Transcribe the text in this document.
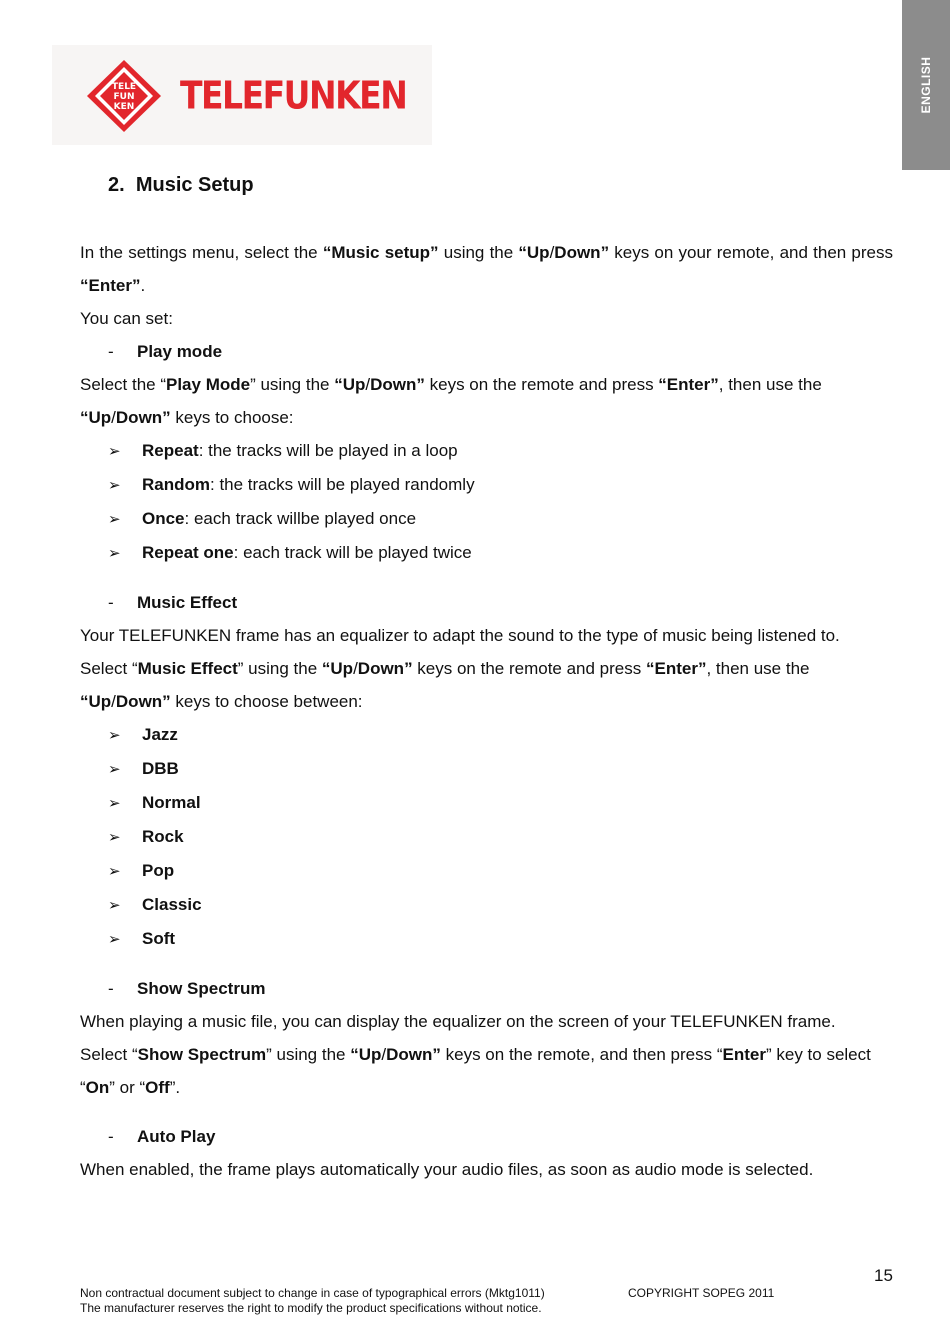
ENGLISH
TELE
FUN
KEN TELEFUNKEN
2. Music Setup

In the settings menu, select the “Music setup” using the “Up/Down” keys on your remote, and then press “Enter”.

You can set:

-	Play mode

Select the “Play Mode” using the “Up/Down” keys on the remote and press “Enter”, then use the
“Up/Down” keys to choose:

➢	Repeat: the tracks will be played in a loop
➢	Random: the tracks will be played randomly
➢	Once: each track willbe played once
➢	Repeat one: each track will be played twice
-	Music Effect

Your TELEFUNKEN frame has an equalizer to adapt the sound to the type of music being listened to.

Select “Music Effect” using the “Up/Down” keys on the remote and press “Enter”, then use the
“Up/Down” keys to choose between:

➢	Jazz
➢	DBB
➢	Normal
➢	Rock
➢	Pop
➢	Classic
➢	Soft
-	Show Spectrum

When playing a music file, you can display the equalizer on the screen of your TELEFUNKEN frame.

Select “Show Spectrum” using the “Up/Down” keys on the remote, and then press “Enter” key to select  “On” or “Off”.

-	Auto Play

When enabled, the frame plays automatically your audio files, as soon as audio mode is selected.

15
Non contractual document subject to change in case of typographical errors (Mktg1011)
The manufacturer reserves the right to modify the product specifications without notice.
COPYRIGHT SOPEG 2011
